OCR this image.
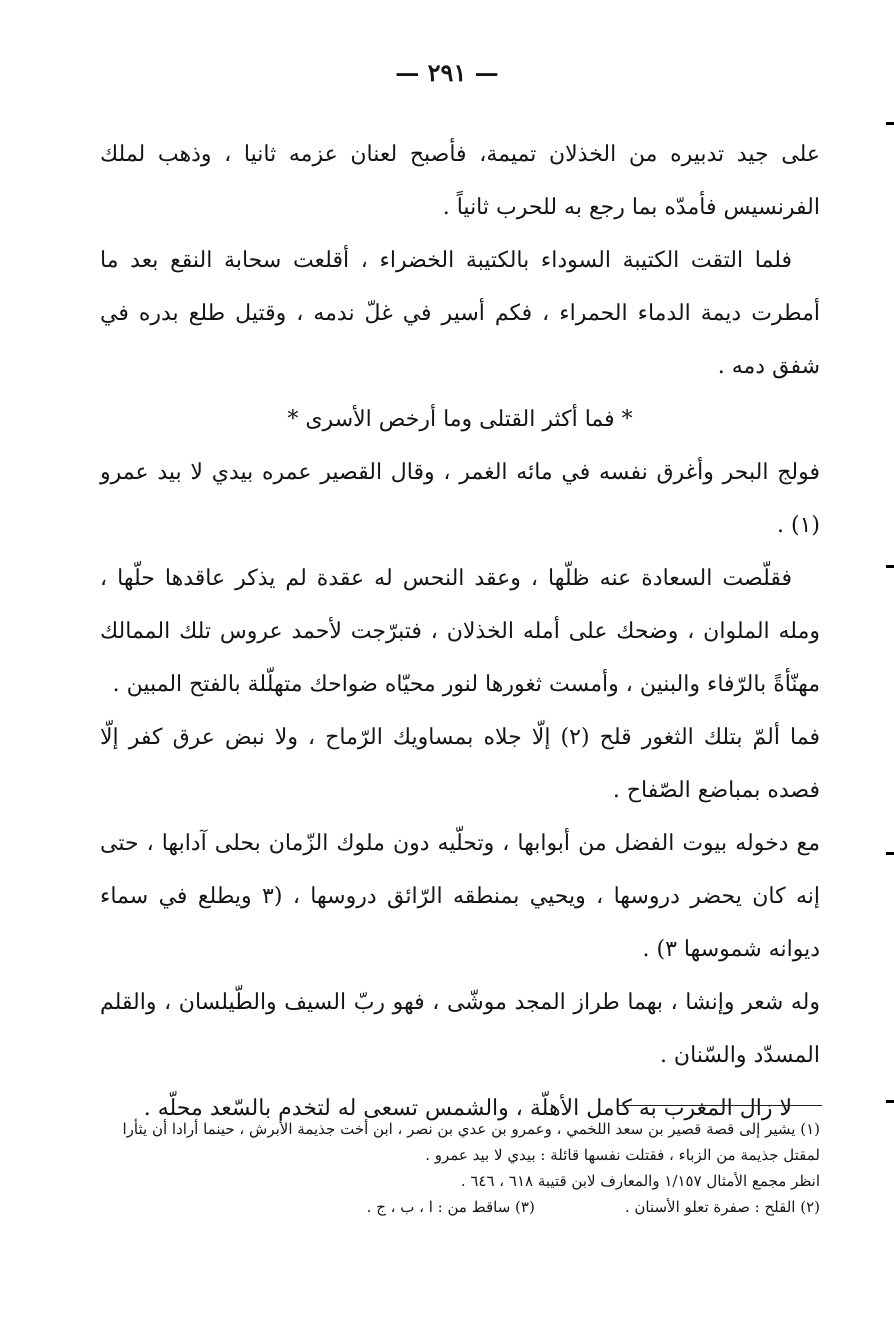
— ٢٩١ —

على جيد تدبيره من الخذلان تميمة، فأصبح لعنان عزمه ثانيا ، وذهب لملك الفرنسيس فأمدّه بما رجع به للحرب ثانياً .

فلما التقت الكتيبة السوداء بالكتيبة الخضراء ، أقلعت سحابة النقع بعد ما أمطرت ديمة الدماء الحمراء ، فكم أسير في غلّ ندمه ، وقتيل طلع بدره في شفق دمه .

* فما أكثر القتلى وما أرخص الأسرى *

فولج البحر وأغرق نفسه في مائه الغمر ، وقال القصير عمره بيدي لا بيد عمرو (١) .

فقلّصت السعادة عنه ظلّها ، وعقد النحس له عقدة لم يذكر عاقدها حلّها ، ومله الملوان ، وضحك على أمله الخذلان ، فتبرّجت لأحمد عروس تلك الممالك مهنّأةً بالرّفاء والبنين ، وأمست ثغورها لنور محيّاه ضواحك متهلّلة بالفتح المبين .

فما ألمّ بتلك الثغور قلح (٢) إلّا جلاه بمساويك الرّماح ، ولا نبض عرق كفر إلّا فصده بمباضع الصّفاح .

مع دخوله بيوت الفضل من أبوابها ، وتحلّيه دون ملوك الزّمان بحلى آدابها ، حتى إنه كان يحضر دروسها ، ويحيي بمنطقه الرّائق دروسها ، (٣ ويطلع في سماء ديوانه شموسها ٣) .

وله شعر وإنشا ، بهما طراز المجد موشّى ، فهو ربّ السيف والطّيلسان ، والقلم المسدّد والسّنان .

لا زال المغرب به كامل الأهلّة ، والشمس تسعى له لتخدم بالسّعد محلّه .

(١) يشير إلى قصة قصير بن سعد اللخمي ، وعمرو بن عدي بن نصر ، ابن أخت جذيمة الأبرش ، حينما أرادا أن يثأرا لمقتل جذيمة من الزباء ، فقتلت نفسها قائلة : بيدي لا بيد عمرو .

انظر مجمع الأمثال ١/١٥٧ والمعارف لابن قتيبة ٦١٨ ، ٦٤٦ .

(٢) القلح : صفرة تعلو الأسنان .
(٣) ساقط من : ا ، ب ، ج .
